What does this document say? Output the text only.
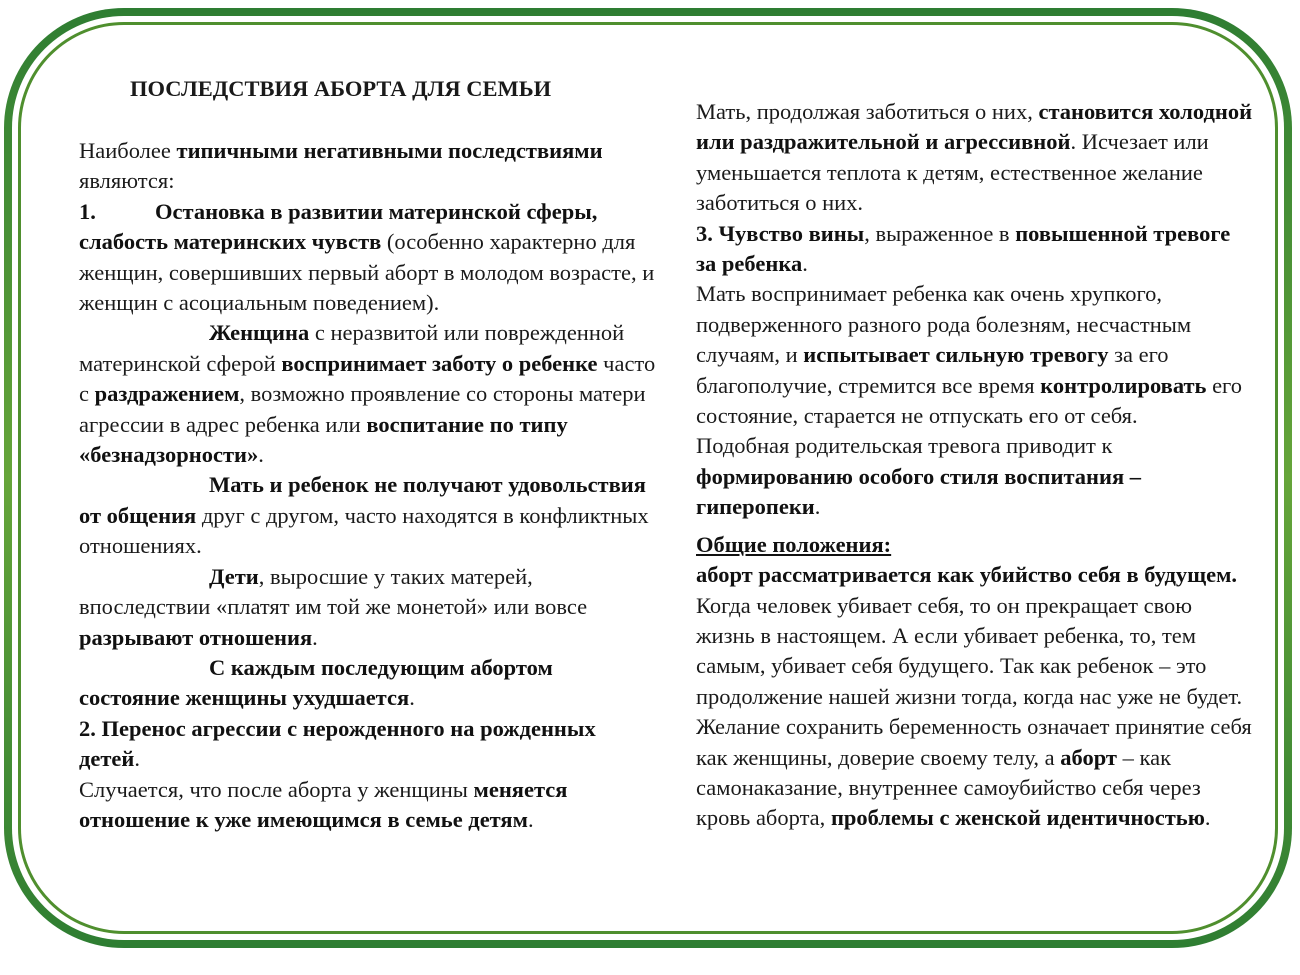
ПОСЛЕДСТВИЯ АБОРТА ДЛЯ СЕМЬИ

Наиболее типичными негативными последствиями являются:

1.	Остановка в развитии материнской сферы, слабость материнских чувств (особенно характерно для женщин, совершивших первый аборт в молодом возрасте, и женщин с асоциальным поведением).

Женщина с неразвитой или поврежденной материнской сферой воспринимает заботу о ребенке часто с раздражением, возможно проявление со стороны матери агрессии в адрес ребенка или воспитание по типу «безнадзорности».

Мать и ребенок не получают удовольствия от общения друг с другом, часто находятся в конфликтных отношениях.

Дети, выросшие у таких матерей, впоследствии «платят им той же монетой» или вовсе разрывают отношения.

С каждым последующим абортом состояние женщины ухудшается.

2. Перенос агрессии с нерожденного на рожденных детей.

Случается, что после аборта у женщины меняется отношение к уже имеющимся в семье детям.

Мать, продолжая заботиться о них, становится холодной или раздражительной и агрессивной. Исчезает или уменьшается теплота к детям, естественное желание заботиться о них.

3. Чувство вины, выраженное в повышенной тревоге за ребенка.

Мать воспринимает ребенка как очень хрупкого, подверженного разного рода болезням, несчастным случаям, и испытывает сильную тревогу за его благополучие, стремится все время контролировать его состояние, старается не отпускать его от себя.

Подобная родительская тревога приводит к формированию особого стиля воспитания – гиперопеки.

Общие положения:

аборт рассматривается как убийство себя в будущем. Когда человек убивает себя, то он прекращает свою жизнь в настоящем. А если убивает ребенка, то, тем самым, убивает себя будущего. Так как ребенок – это продолжение нашей жизни тогда, когда нас уже не будет.

Желание сохранить беременность означает принятие себя как женщины, доверие своему телу, а аборт – как самонаказание, внутреннее самоубийство себя через кровь аборта, проблемы с женской идентичностью.
